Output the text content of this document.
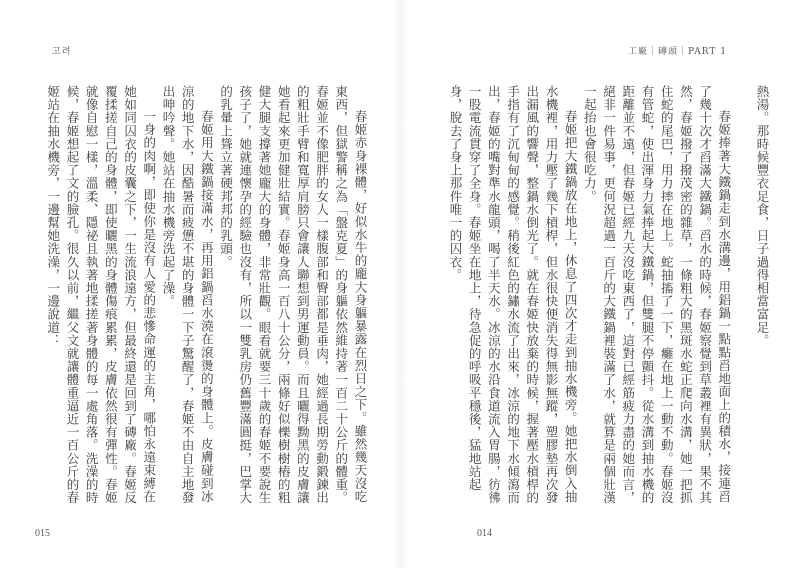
고려

春姬赤身裸體，好似水牛的龐大身軀暴露在烈日之下。雖然幾天沒吃東西，但獄警稱之為「盤克夏」的身軀依然維持著一百二十公斤的體重。春姬並不像肥胖的女人一樣腹部和臀部都是垂肉，她經過長期勞動鍛鍊出的粗壯手臂和寬厚肩膀只會讓人聯想到男運動員。而且曬得黝黑的皮膚讓她看起來更加健壯結實。春姬身高一百八十公分，兩條好似櫟樹樹樁的粗健大腿支撐著她龐大的身體，非常壯觀。眼看就要三十歲的春姬不要說生孩子了，她就連懷孕的經驗也沒有，所以一雙乳房仍舊豐滿圓挺，巴掌大的乳暈上聳立著硬邦邦的乳頭。

春姬用大鐵鍋接滿水，再用鋁鍋舀水澆在滾燙的身體上。皮膚碰到冰涼的地下水，因酷暑而疲憊不堪的身體一下子驚醒了，春姬不由自主地發出呻吟聲。她站在抽水機旁洗起了澡。

一身的肉啊，即使你是沒有人愛的悲慘命運的主角，哪怕永遠束縛在她如同囚衣的皮囊之下，一生流浪遠方，但最終還是回到了磚廠。春姬反覆揉搓自己的身體，即使曬黑的身體傷痕累累，皮膚依然很有彈性。春姬就像自慰一樣，溫柔、隱祕且執著地揉搓著身體的每一處角落。洗澡的時候，春姬想起了文的臉孔。很久以前，繼父文就讓體重逼近一百公斤的春姬站在抽水機旁，一邊幫她洗澡，一邊說道：

015
工廠｜磚頭｜PART 1

熱湯。那時候豐衣足食，日子過得相當富足。

春姬捧著大鐵鍋走到水溝邊，用鋁鍋一點點舀地面上的積水，接連舀了幾十次才舀滿大鐵鍋。舀水的時候，春姬察覺到草叢裡有異狀，果不其然，春姬撥了撥茂密的雜草，一條粗大的黑斑水蛇正爬向水溝，她一把抓住蛇的尾巴，用力摔在地上。蛇抽搐了一下，癱在地上一動不動。春姬沒有管蛇，使出渾身力氣捧起大鐵鍋，但雙腿不停顫抖。從水溝到抽水機的距離並不遠，但春姬已經九天沒吃東西了，這對已經筋疲力盡的她而言，絕非一件易事，更何況超過一百斤的大鐵鍋裡裝滿了水，就算是兩個壯漢一起抬也會很吃力。

春姬把大鐵鍋放在地上，休息了四次才走到抽水機旁。她把水倒入抽水機裡，用力壓了幾下槓桿，但水很快便消失得無影無蹤，塑膠墊再次發出漏風的響聲，整鍋水倒光了。就在春姬快放棄的時候，握著壓水槓桿的手指有了沉甸甸的感覺。稍後紅色的鏽水流了出來，冰涼的地下水傾瀉而出，春姬的嘴對準水龍頭，喝了半天水。冰涼的水沿食道流入胃腸，彷彿一股電流貫穿了全身。春姬坐在地上，待急促的呼吸平穩後，猛地站起身，脫去了身上那件唯一的囚衣。

014
